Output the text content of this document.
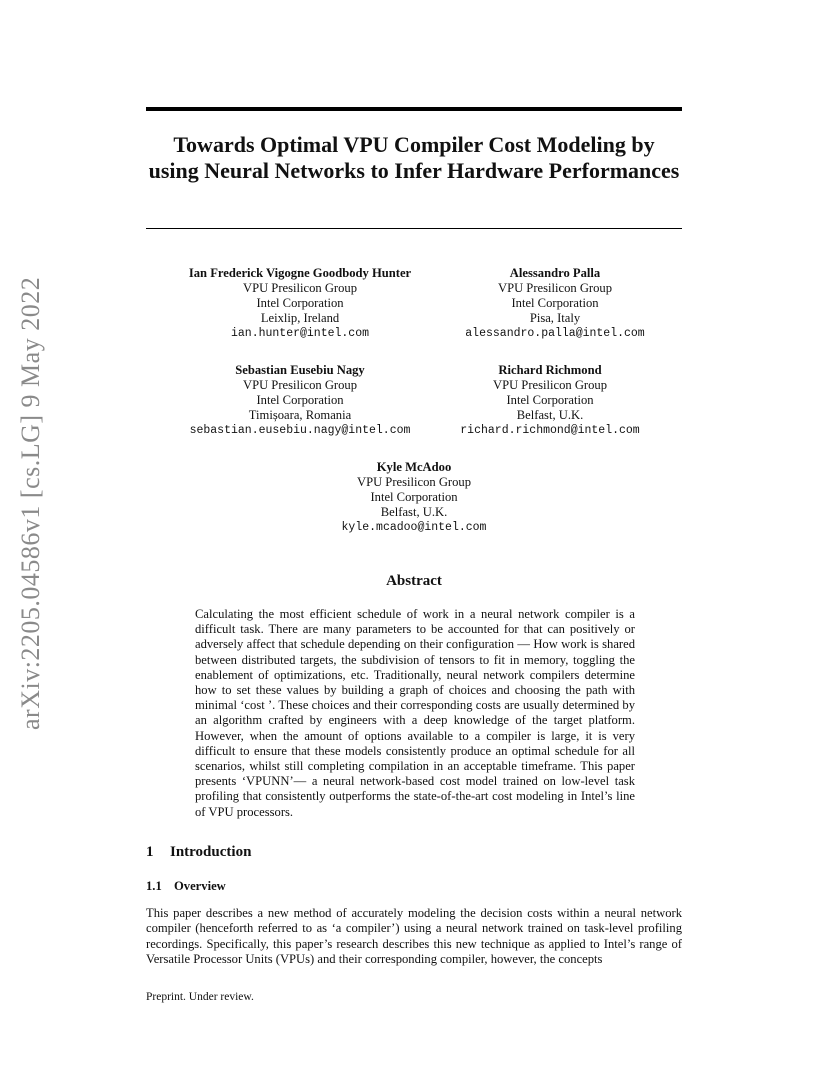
arXiv:2205.04586v1 [cs.LG] 9 May 2022
Towards Optimal VPU Compiler Cost Modeling by using Neural Networks to Infer Hardware Performances
Ian Frederick Vigogne Goodbody Hunter
VPU Presilicon Group
Intel Corporation
Leixlip, Ireland
ian.hunter@intel.com
Alessandro Palla
VPU Presilicon Group
Intel Corporation
Pisa, Italy
alessandro.palla@intel.com
Sebastian Eusebiu Nagy
VPU Presilicon Group
Intel Corporation
Timișoara, Romania
sebastian.eusebiu.nagy@intel.com
Richard Richmond
VPU Presilicon Group
Intel Corporation
Belfast, U.K.
richard.richmond@intel.com
Kyle McAdoo
VPU Presilicon Group
Intel Corporation
Belfast, U.K.
kyle.mcadoo@intel.com
Abstract
Calculating the most efficient schedule of work in a neural network compiler is a difficult task. There are many parameters to be accounted for that can positively or adversely affect that schedule depending on their configuration — How work is shared between distributed targets, the subdivision of tensors to fit in memory, toggling the enablement of optimizations, etc. Traditionally, neural network compilers determine how to set these values by building a graph of choices and choosing the path with minimal ‘cost ’. These choices and their corresponding costs are usually determined by an algorithm crafted by engineers with a deep knowledge of the target platform. However, when the amount of options available to a compiler is large, it is very difficult to ensure that these models consistently produce an optimal schedule for all scenarios, whilst still completing compilation in an acceptable timeframe. This paper presents ‘VPUNN’— a neural network-based cost model trained on low-level task profiling that consistently outperforms the state-of-the-art cost modeling in Intel’s line of VPU processors.
1 Introduction
1.1 Overview
This paper describes a new method of accurately modeling the decision costs within a neural network compiler (henceforth referred to as ‘a compiler’) using a neural network trained on task-level profiling recordings. Specifically, this paper’s research describes this new technique as applied to Intel’s range of Versatile Processor Units (VPUs) and their corresponding compiler, however, the concepts
Preprint. Under review.
